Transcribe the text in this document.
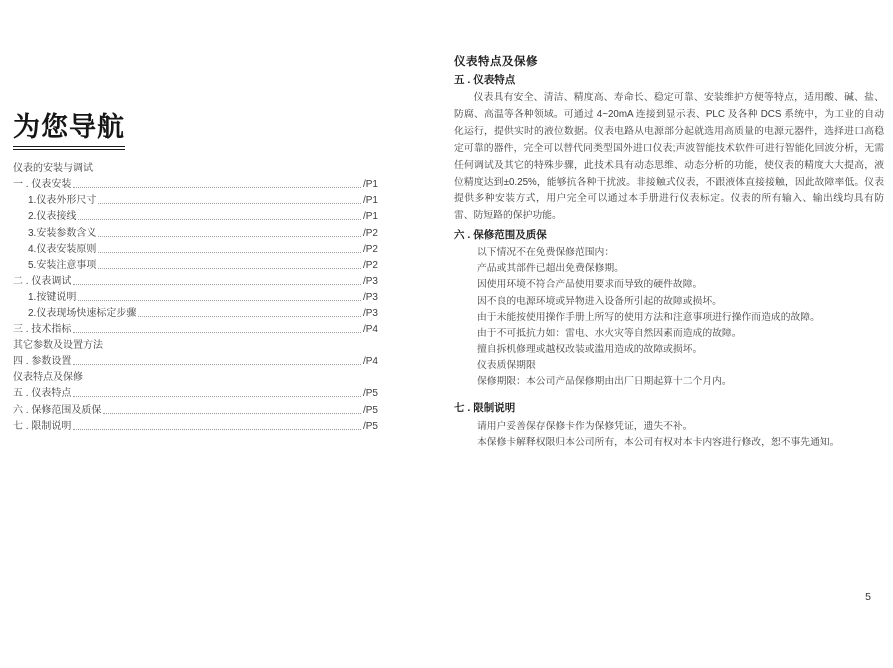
为您导航
仪表的安装与调试
一 . 仪表安装	/P1
1.仪表外形尺寸	/P1
2.仪表接线	/P1
3.安装参数含义	/P2
4.仪表安装原则	/P2
5.安装注意事项	/P2
二 . 仪表调试	/P3
1.按键说明	/P3
2.仪表现场快速标定步骤	/P3
三 . 技术指标	/P4
其它参数及设置方法
四 . 参数设置	/P4
仪表特点及保修
五 . 仪表特点	/P5
六 . 保修范围及质保	/P5
七 . 限制说明	/P5
仪表特点及保修
五 . 仪表特点

仪表具有安全、清洁、精度高、寿命长、稳定可靠、安装维护方便等特点，适用酸、碱、盐、防腐、高温等各种领域。可通过 4~20mA 连接到显示表、PLC 及各种 DCS 系统中，为工业的自动化运行，提供实时的液位数据。仪表电路从电源部分起就选用高质量的电源元器件，选择进口高稳定可靠的器件，完全可以替代同类型国外进口仪表;声波智能技术软件可进行智能化回波分析，无需任何调试及其它的特殊步骤，此技术具有动态思维、动态分析的功能，使仪表的精度大大提高，液位精度达到±0.25%，能够抗各种干扰波。非接触式仪表，不跟液体直接接触，因此故障率低。仪表提供多种安装方式，用户完全可以通过本手册进行仪表标定。仪表的所有输入、输出线均具有防雷、防短路的保护功能。

六 . 保修范围及质保

以下情况不在免费保修范围内：

产品或其部件已超出免费保修期。

因使用环境不符合产品使用要求而导致的硬件故障。

因不良的电源环境或异物进入设备所引起的故障或损坏。

由于未能按使用操作手册上所写的使用方法和注意事项进行操作而造成的故障。

由于不可抵抗力如：雷电、水火灾等自然因素而造成的故障。

擅自拆机修理或越权改装或滥用造成的故障或损坏。

仪表质保期限

保修期限：本公司产品保修期由出厂日期起算十二个月内。

七 . 限制说明

请用户妥善保存保修卡作为保修凭证，遗失不补。

本保修卡解释权限归本公司所有，本公司有权对本卡内容进行修改，恕不事先通知。

5
